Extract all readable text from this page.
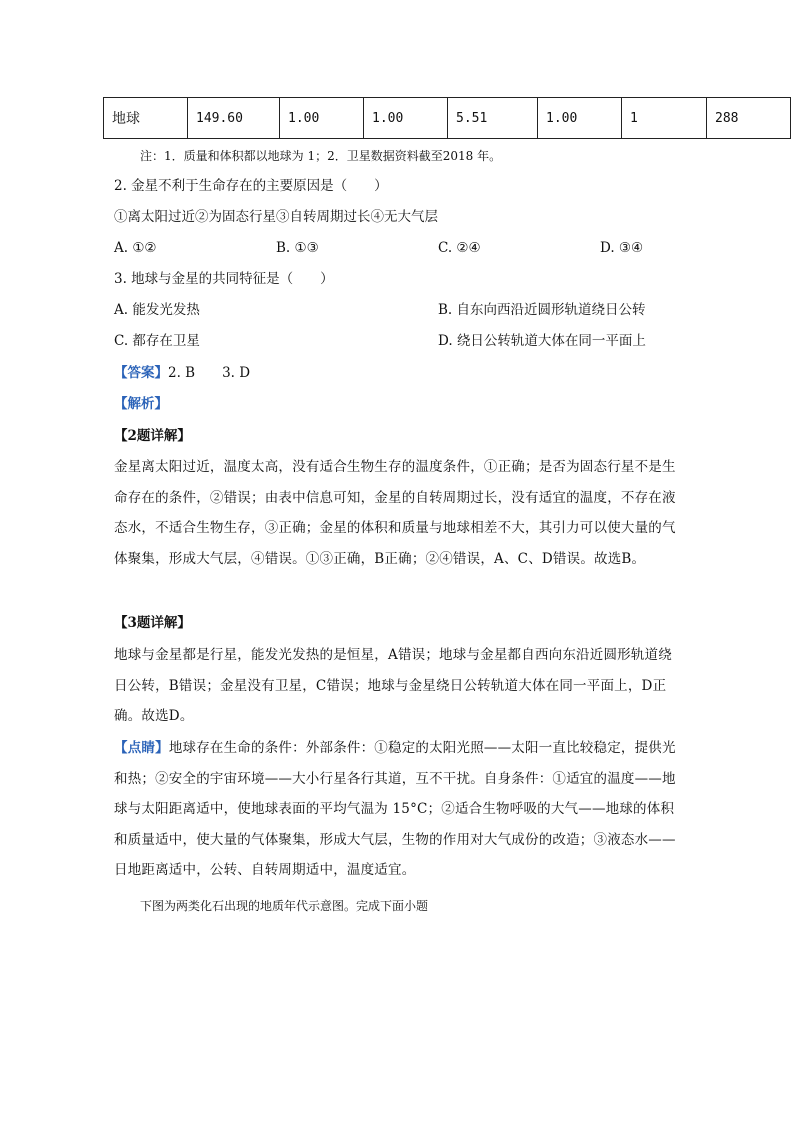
地球	149.60	1.00	1.00	5.51	1.00	1	288
注：1．质量和体积都以地球为 1；2．卫星数据资料截至2018 年。
2. 金星不利于生命存在的主要原因是（　　）
①离太阳过近②为固态行星③自转周期过长④无大气层
A. ①②	B. ①③	C. ②④	D. ③④
3. 地球与金星的共同特征是（　　）
A. 能发光发热	B. 自东向西沿近圆形轨道绕日公转
C. 都存在卫星	D. 绕日公转轨道大体在同一平面上
【答案】2. B　　3. D
【解析】
【2题详解】
金星离太阳过近，温度太高，没有适合生物生存的温度条件，①正确；是否为固态行星不是生命存在的条件，②错误；由表中信息可知，金星的自转周期过长，没有适宜的温度，不存在液态水，不适合生物生存，③正确；金星的体积和质量与地球相差不大，其引力可以使大量的气体聚集，形成大气层，④错误。①③正确，B正确；②④错误，A、C、D错误。故选B。
【3题详解】
地球与金星都是行星，能发光发热的是恒星，A错误；地球与金星都自西向东沿近圆形轨道绕日公转，B错误；金星没有卫星，C错误；地球与金星绕日公转轨道大体在同一平面上，D正确。故选D。
【点睛】地球存在生命的条件：外部条件：①稳定的太阳光照——太阳一直比较稳定，提供光和热；②安全的宇宙环境——大小行星各行其道，互不干扰。自身条件：①适宜的温度——地球与太阳距离适中，使地球表面的平均气温为 15°C；②适合生物呼吸的大气——地球的体积和质量适中，使大量的气体聚集，形成大气层，生物的作用对大气成份的改造；③液态水——日地距离适中，公转、自转周期适中，温度适宜。
下图为两类化石出现的地质年代示意图。完成下面小题
